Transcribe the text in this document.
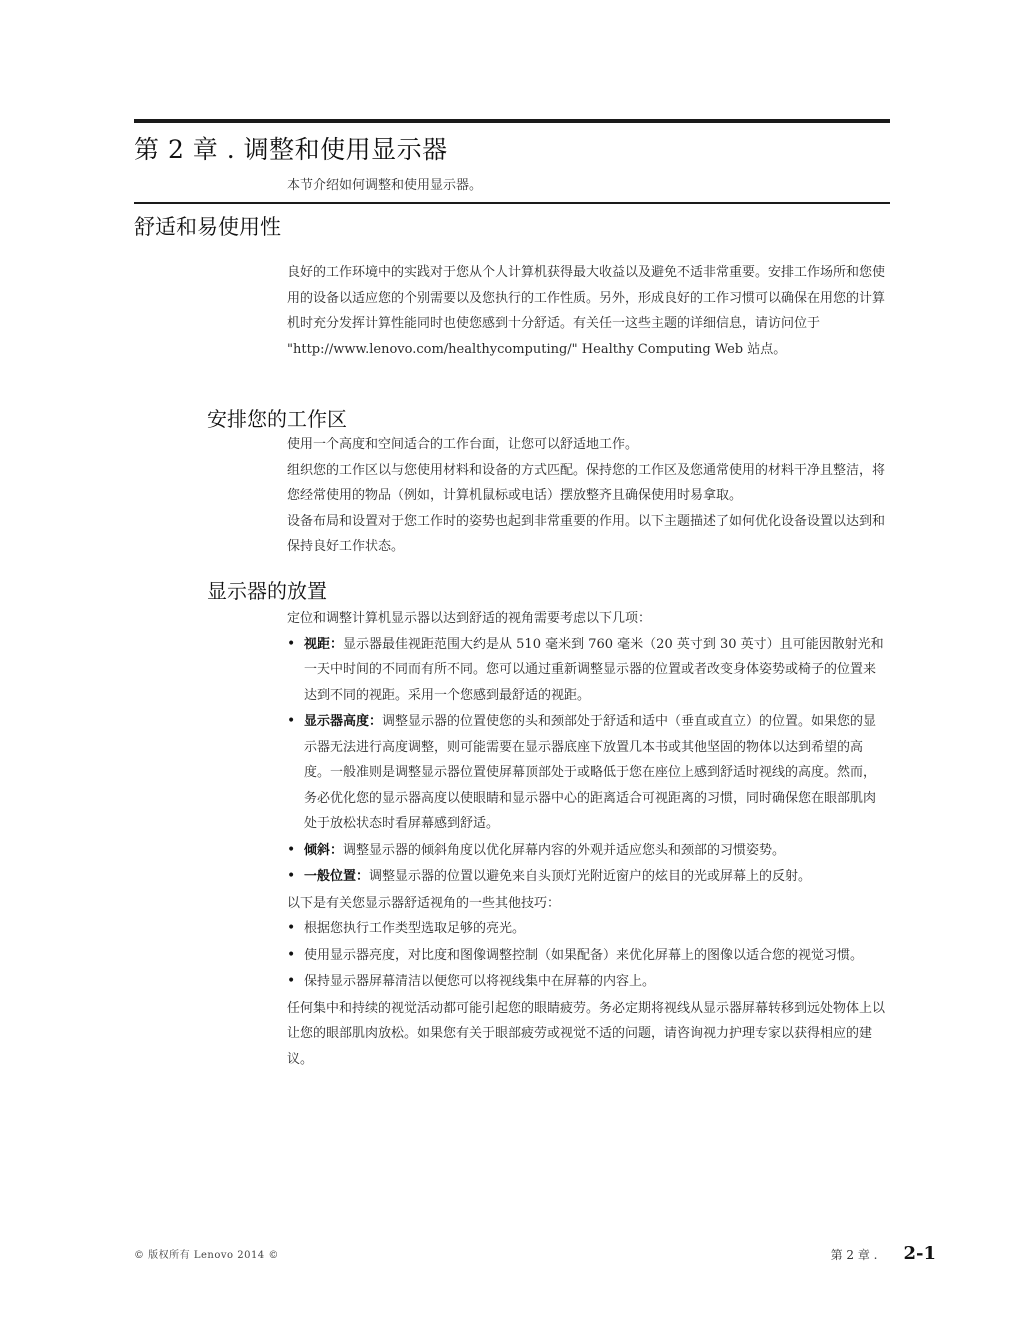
第 2 章 . 调整和使用显示器
本节介绍如何调整和使用显示器。
舒适和易使用性

良好的工作环境中的实践对于您从个人计算机获得最大收益以及避免不适非常重要。安排工作场所和您使用的设备以适应您的个别需要以及您执行的工作性质。另外，形成良好的工作习惯可以确保在用您的计算机时充分发挥计算性能同时也使您感到十分舒适。有关任一这些主题的详细信息，请访问位于

"http://www.lenovo.com/healthycomputing/" Healthy Computing Web 站点。

安排您的工作区

使用一个高度和空间适合的工作台面，让您可以舒适地工作。

组织您的工作区以与您使用材料和设备的方式匹配。保持您的工作区及您通常使用的材料干净且整洁，将您经常使用的物品（例如，计算机鼠标或电话）摆放整齐且确保使用时易拿取。

设备布局和设置对于您工作时的姿势也起到非常重要的作用。以下主题描述了如何优化设备设置以达到和保持良好工作状态。

显示器的放置

定位和调整计算机显示器以达到舒适的视角需要考虑以下几项：

• 视距：显示器最佳视距范围大约是从 510 毫米到 760 毫米（20 英寸到 30 英寸）且可能因散射光和一天中时间的不同而有所不同。您可以通过重新调整显示器的位置或者改变身体姿势或椅子的位置来达到不同的视距。采用一个您感到最舒适的视距。
• 显示器高度：调整显示器的位置使您的头和颈部处于舒适和适中（垂直或直立）的位置。如果您的显示器无法进行高度调整，则可能需要在显示器底座下放置几本书或其他坚固的物体以达到希望的高度。一般准则是调整显示器位置使屏幕顶部处于或略低于您在座位上感到舒适时视线的高度。然而，务必优化您的显示器高度以使眼睛和显示器中心的距离适合可视距离的习惯，同时确保您在眼部肌肉处于放松状态时看屏幕感到舒适。
• 倾斜：调整显示器的倾斜角度以优化屏幕内容的外观并适应您头和颈部的习惯姿势。
• 一般位置：调整显示器的位置以避免来自头顶灯光附近窗户的炫目的光或屏幕上的反射。

以下是有关您显示器舒适视角的一些其他技巧：

• 根据您执行工作类型选取足够的亮光。
• 使用显示器亮度，对比度和图像调整控制（如果配备）来优化屏幕上的图像以适合您的视觉习惯。
• 保持显示器屏幕清洁以便您可以将视线集中在屏幕的内容上。

任何集中和持续的视觉活动都可能引起您的眼睛疲劳。务必定期将视线从显示器屏幕转移到远处物体上以让您的眼部肌肉放松。如果您有关于眼部疲劳或视觉不适的问题，请咨询视力护理专家以获得相应的建议。

© 版权所有 Lenovo 2014 ©	第 2 章 . 2-1
